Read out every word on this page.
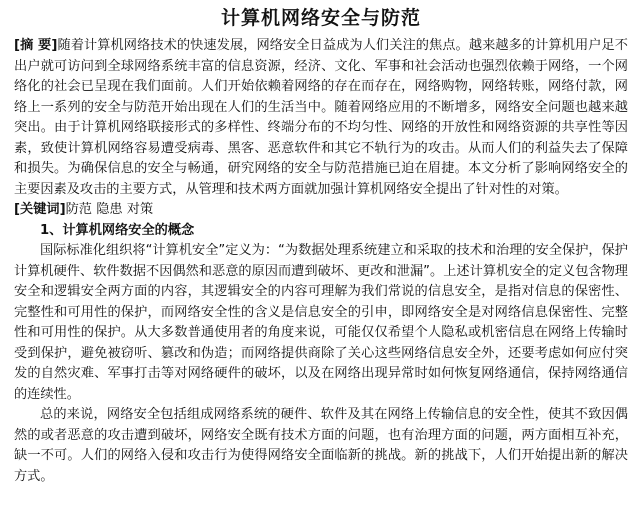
计算机网络安全与防范

[摘 要]随着计算机网络技术的快速发展，网络安全日益成为人们关注的焦点。越来越多的计算机用户足不出户就可访问到全球网络系统丰富的信息资源，经济、文化、军事和社会活动也强烈依赖于网络，一个网络化的社会已呈现在我们面前。人们开始依赖着网络的存在而存在，网络购物，网络转账，网络付款，网络上一系列的安全与防范开始出现在人们的生活当中。随着网络应用的不断增多，网络安全问题也越来越突出。由于计算机网络联接形式的多样性、终端分布的不均匀性、网络的开放性和网络资源的共享性等因素，致使计算机网络容易遭受病毒、黑客、恶意软件和其它不轨行为的攻击。从而人们的利益失去了保障和损失。为确保信息的安全与畅通，研究网络的安全与防范措施已迫在眉捷。本文分析了影响网络安全的主要因素及攻击的主要方式，从管理和技术两方面就加强计算机网络安全提出了针对性的对策。

[关键词]防范 隐患 对策

1、计算机网络安全的概念

国际标准化组织将“计算机安全”定义为：“为数据处理系统建立和采取的技术和治理的安全保护，保护计算机硬件、软件数据不因偶然和恶意的原因而遭到破坏、更改和泄漏”。上述计算机安全的定义包含物理安全和逻辑安全两方面的内容，其逻辑安全的内容可理解为我们常说的信息安全，是指对信息的保密性、完整性和可用性的保护，而网络安全性的含义是信息安全的引申，即网络安全是对网络信息保密性、完整性和可用性的保护。从大多数普通使用者的角度来说，可能仅仅希望个人隐私或机密信息在网络上传输时受到保护，避免被窃听、篡改和伪造；而网络提供商除了关心这些网络信息安全外，还要考虑如何应付突发的自然灾难、军事打击等对网络硬件的破坏，以及在网络出现异常时如何恢复网络通信，保持网络通信的连续性。

总的来说，网络安全包括组成网络系统的硬件、软件及其在网络上传输信息的安全性，使其不致因偶然的或者恶意的攻击遭到破坏，网络安全既有技术方面的问题，也有治理方面的问题，两方面相互补充，缺一不可。人们的网络入侵和攻击行为使得网络安全面临新的挑战。新的挑战下，人们开始提出新的解决方式。
